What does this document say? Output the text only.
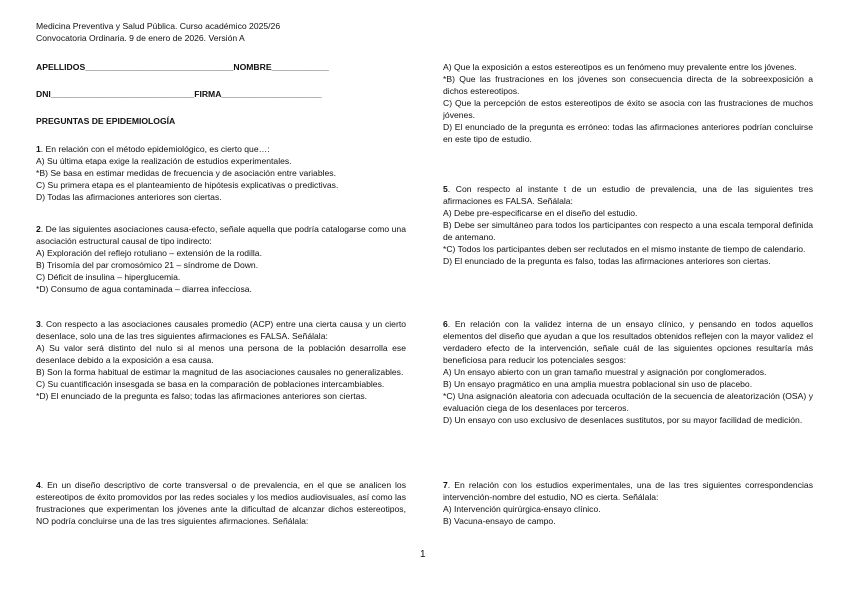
Medicina Preventiva y Salud Pública. Curso académico 2025/26
Convocatoria Ordinaria. 9 de enero de 2026. Versión A
APELLIDOS_______________________________NOMBRE____________
DNI______________________________FIRMA_____________________
PREGUNTAS DE EPIDEMIOLOGÍA

1. En relación con el método epidemiológico, es cierto que…:

A) Su última etapa exige la realización de estudios experimentales.

*B) Se basa en estimar medidas de frecuencia y de asociación entre variables.

C) Su primera etapa es el planteamiento de hipótesis explicativas o predictivas.

D) Todas las afirmaciones anteriores son ciertas.

2. De las siguientes asociaciones causa-efecto, señale aquella que podría catalogarse como una asociación estructural causal de tipo indirecto:

A) Exploración del reflejo rotuliano – extensión de la rodilla.

B) Trisomía del par cromosómico 21 – síndrome de Down.

C) Déficit de insulina – hiperglucemia.

*D) Consumo de agua contaminada – diarrea infecciosa.

3. Con respecto a las asociaciones causales promedio (ACP) entre una cierta causa y un cierto desenlace, solo una de las tres siguientes afirmaciones es FALSA. Señálala:

A) Su valor será distinto del nulo si al menos una persona de la población desarrolla ese desenlace debido a la exposición a esa causa.

B) Son la forma habitual de estimar la magnitud de las asociaciones causales no generalizables.

C) Su cuantificación insesgada se basa en la comparación de poblaciones intercambiables.

*D) El enunciado de la pregunta es falso; todas las afirmaciones anteriores son ciertas.

4. En un diseño descriptivo de corte transversal o de prevalencia, en el que se analicen los estereotipos de éxito promovidos por las redes sociales y los medios audiovisuales, así como las frustraciones que experimentan los jóvenes ante la dificultad de alcanzar dichos estereotipos, NO podría concluirse una de las tres siguientes afirmaciones. Señálala:

A) Que la exposición a estos estereotipos es un fenómeno muy prevalente entre los jóvenes.

*B) Que las frustraciones en los jóvenes son consecuencia directa de la sobreexposición a dichos estereotipos.

C) Que la percepción de estos estereotipos de éxito se asocia con las frustraciones de muchos jóvenes.

D) El enunciado de la pregunta es erróneo: todas las afirmaciones anteriores podrían concluirse en este tipo de estudio.

5. Con respecto al instante t de un estudio de prevalencia, una de las siguientes tres afirmaciones es FALSA. Señálala:

A) Debe pre-especificarse en el diseño del estudio.

B) Debe ser simultáneo para todos los participantes con respecto a una escala temporal definida de antemano.

*C) Todos los participantes deben ser reclutados en el mismo instante de tiempo de calendario.

D) El enunciado de la pregunta es falso, todas las afirmaciones anteriores son ciertas.

6. En relación con la validez interna de un ensayo clínico, y pensando en todos aquellos elementos del diseño que ayudan a que los resultados obtenidos reflejen con la mayor validez el verdadero efecto de la intervención, señale cuál de las siguientes opciones resultaría más beneficiosa para reducir los potenciales sesgos:

A) Un ensayo abierto con un gran tamaño muestral y asignación por conglomerados.

B) Un ensayo pragmático en una amplia muestra poblacional sin uso de placebo.

*C) Una asignación aleatoria con adecuada ocultación de la secuencia de aleatorización (OSA) y evaluación ciega de los desenlaces por terceros.

D) Un ensayo con uso exclusivo de desenlaces sustitutos, por su mayor facilidad de medición.

7. En relación con los estudios experimentales, una de las tres siguientes correspondencias intervención-nombre del estudio, NO es cierta. Señálala:

A) Intervención quirúrgica-ensayo clínico.

B) Vacuna-ensayo de campo.

1
